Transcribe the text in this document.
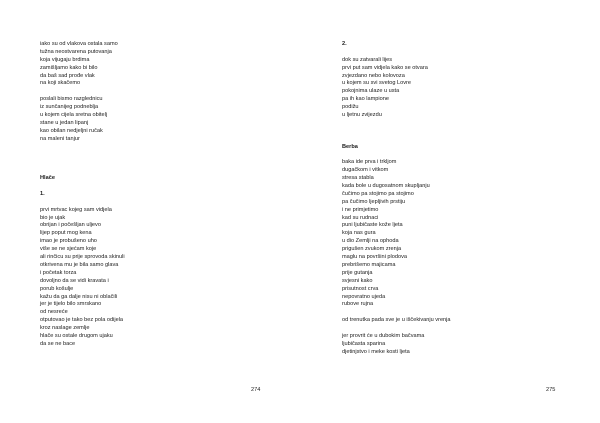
iako su od vlakova ostala samo
tužna neostvarena putovanja
koja vijugaju brdima
zamišljamo kako bi bilo
da baš sad prođe vlak
na koji skačemo
poslali bismo razglednicu
iz sunčanijeg podneblja
u kojem cijela sretna obitelj
stane u jedan lipanj
kao obilan nedjeljni ručak
na maleni tanjur
Hlače
1.
prvi mrtvac kojeg sam vidjela
bio je ujak
obrijan i počešljan uljevo
lijep poput mog kena
imao je probušeno uho
više se ne sjećam koje
ali rinčicu su prije sprovoda skinuli
otkrivena mu je bila samo glava
i početak torza
dovoljno da se vidi kravata i
porub košulje
kažu da ga dalje nisu ni oblačili
jer je tijelo bilo smrskano
od nesreće
otputovao je tako bez pola odijela
kroz naslage zemlje
hlače su ostale drugom ujaku
da se ne bace
274
2.
dok su zatvarali lijes
prvi put sam vidjela kako se otvara
zvjezdano nebo kolovoza
u kojem su svi svetog Lovre
pokojnima ulaze u usta
pa ih kao lampione
podižu
u ljetnu zvijezdu
Berba
baka ide prva i trkljom
dugačkom i vitkom
stresa stabla
kada bole u dugosatnom skupljanju
čučimo pa stojimo pa stojimo
pa čučimo ljepljivih prstiju
i ne primjetimo
kad su rudnaci
puni ljubičaste kože ljeta
koja nas gura
u dio Zemlji na ophoda
prigušen zvukom zrenja
maglu na površini plodova
prebrišemo majicama
prije gutanja
svjesni kako
prisutnost crva
nepovratno ujeda
rubove rujna
od trenutka pada sve je u iščekivanju vrenja
jer provrit će u dubokim bačvama
ljubičasta sparina
djetinjstvo i meke kosti ljeta
275
